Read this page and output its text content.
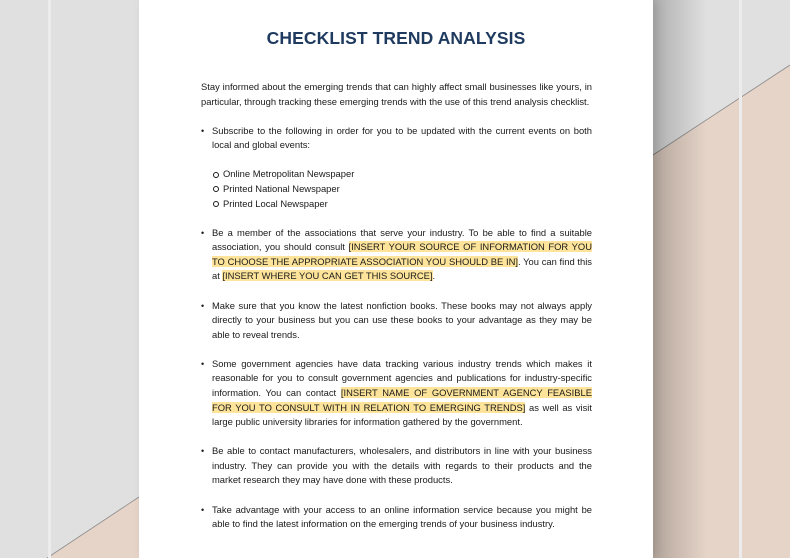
CHECKLIST TREND ANALYSIS

Stay informed about the emerging trends that can highly affect small businesses like yours, in particular, through tracking these emerging trends with the use of this trend analysis checklist.

• Subscribe to the following in order for you to be updated with the current events on both local and global events:
Online Metropolitan Newspaper
Printed National Newspaper
Printed Local Newspaper
• Be a member of the associations that serve your industry. To be able to find a suitable association, you should consult [INSERT YOUR SOURCE OF INFORMATION FOR YOU TO CHOOSE THE APPROPRIATE ASSOCIATION YOU SHOULD BE IN]. You can find this at [INSERT WHERE YOU CAN GET THIS SOURCE].
• Make sure that you know the latest nonfiction books. These books may not always apply directly to your business but you can use these books to your advantage as they may be able to reveal trends.
• Some government agencies have data tracking various industry trends which makes it reasonable for you to consult government agencies and publications for industry-specific information. You can contact [INSERT NAME OF GOVERNMENT AGENCY FEASIBLE FOR YOU TO CONSULT WITH IN RELATION TO EMERGING TRENDS] as well as visit large public university libraries for information gathered by the government.
• Be able to contact manufacturers, wholesalers, and distributors in line with your business industry. They can provide you with the details with regards to their products and the market research they may have done with these products.
• Take advantage with your access to an online information service because you might be able to find the latest information on the emerging trends of your business industry.
